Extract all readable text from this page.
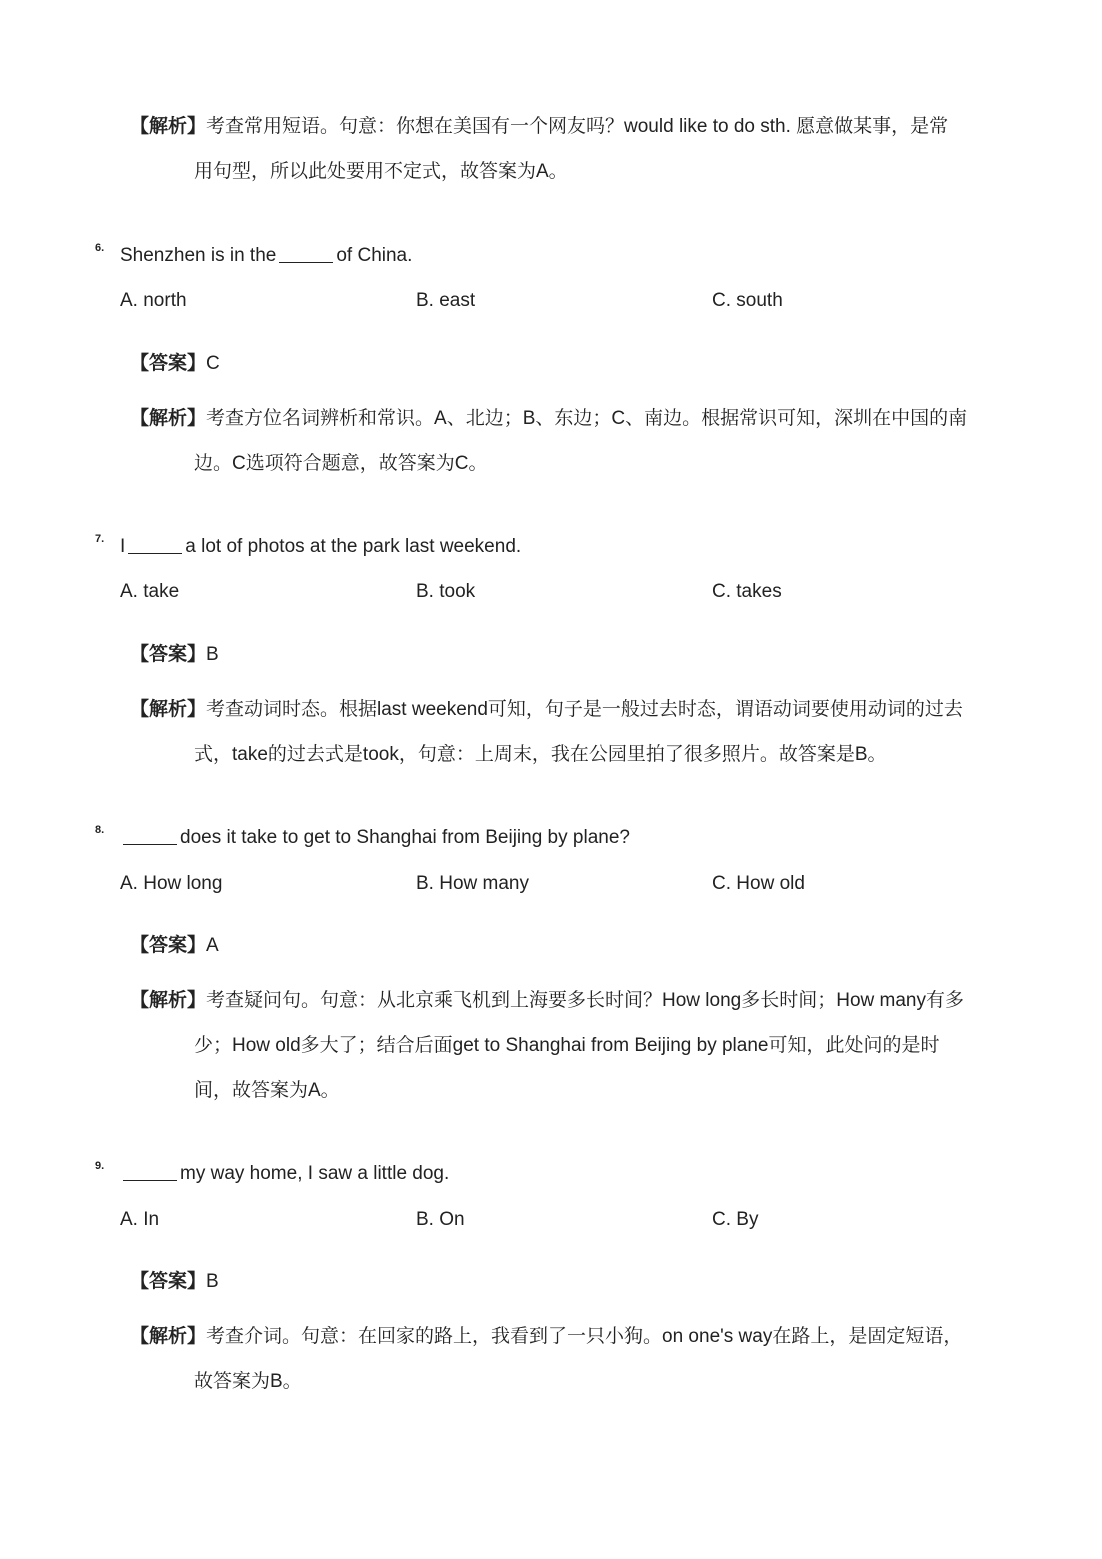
【解析】考查常用短语。句意：你想在美国有一个网友吗？would like to do sth. 愿意做某事，是常
用句型，所以此处要用不定式，故答案为A。
6. Shenzhen is in the	of China.
A. north	B. east	C. south
【答案】C
【解析】考查方位名词辨析和常识。A、北边；B、东边；C、南边。根据常识可知，深圳在中国的南
边。C选项符合题意，故答案为C。
7. I	a lot of photos at the park last weekend.
A. take	B. took	C. takes
【答案】B
【解析】考查动词时态。根据last weekend可知，句子是一般过去时态，谓语动词要使用动词的过去
式，take的过去式是took，句意：上周末，我在公园里拍了很多照片。故答案是B。
8.	does it take to get to Shanghai from Beijing by plane?
A. How long	B. How many	C. How old
【答案】A
【解析】考查疑问句。句意：从北京乘飞机到上海要多长时间？How long多长时间；How many有多
少；How old多大了；结合后面get to Shanghai from Beijing by plane可知，此处问的是时
间，故答案为A。
9.	my way home, I saw a little dog.
A. In	B. On	C. By
【答案】B
【解析】考查介词。句意：在回家的路上，我看到了一只小狗。on one's way在路上，是固定短语，
故答案为B。
